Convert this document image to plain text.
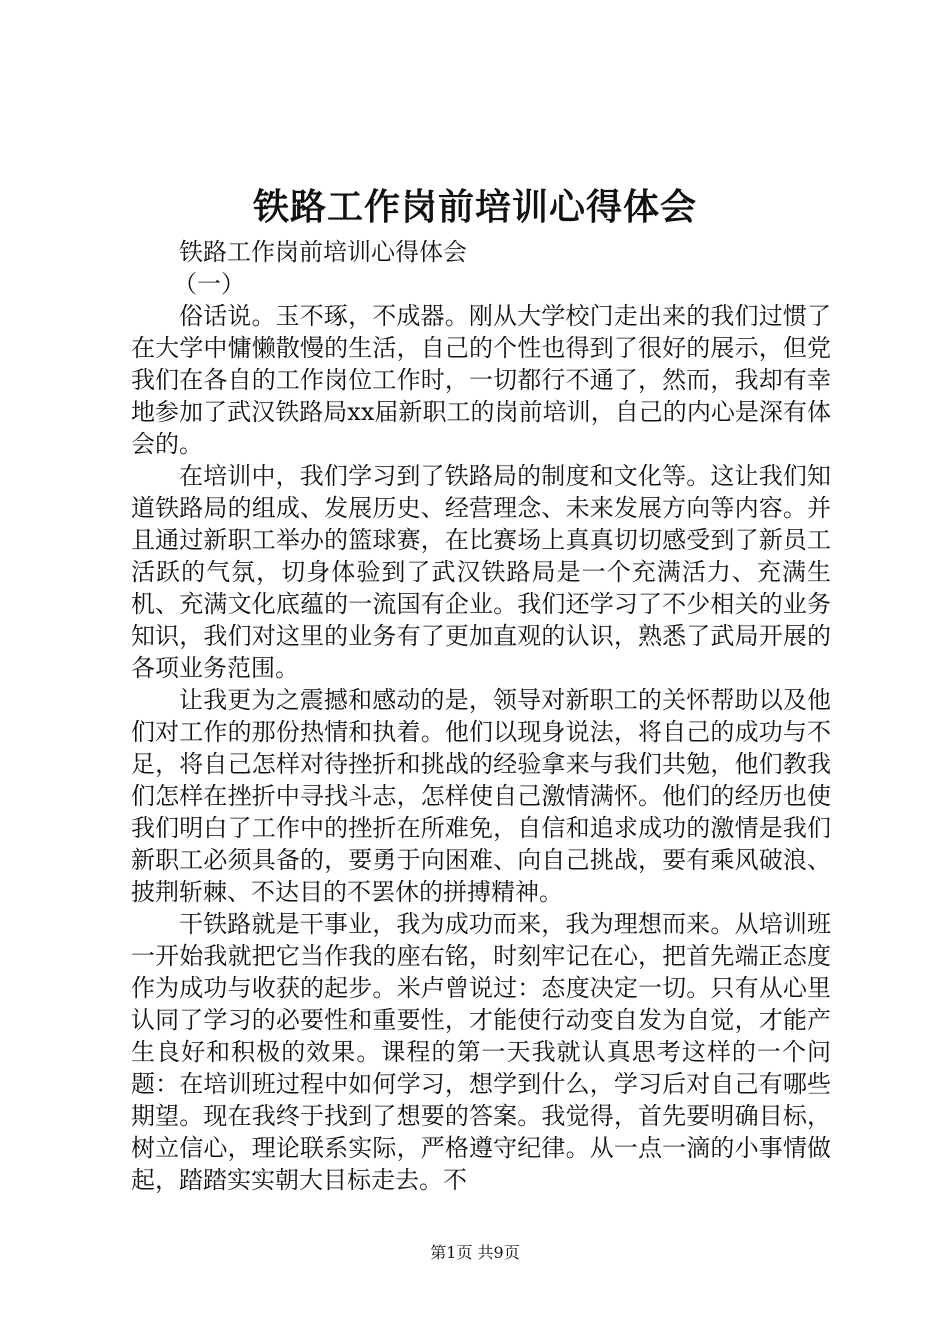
铁路工作岗前培训心得体会

铁路工作岗前培训心得体会

（一）

俗话说。玉不琢，不成器。刚从大学校门走出来的我们过惯了在大学中慵懒散慢的生活，自己的个性也得到了很好的展示，但党我们在各自的工作岗位工作时，一切都行不通了，然而，我却有幸地参加了武汉铁路局xx届新职工的岗前培训，自己的内心是深有体会的。

在培训中，我们学习到了铁路局的制度和文化等。这让我们知道铁路局的组成、发展历史、经营理念、未来发展方向等内容。并且通过新职工举办的篮球赛，在比赛场上真真切切感受到了新员工活跃的气氛，切身体验到了武汉铁路局是一个充满活力、充满生机、充满文化底蕴的一流国有企业。我们还学习了不少相关的业务知识，我们对这里的业务有了更加直观的认识，熟悉了武局开展的各项业务范围。

让我更为之震撼和感动的是，领导对新职工的关怀帮助以及他们对工作的那份热情和执着。他们以现身说法，将自己的成功与不足，将自己怎样对待挫折和挑战的经验拿来与我们共勉，他们教我们怎样在挫折中寻找斗志，怎样使自己激情满怀。他们的经历也使我们明白了工作中的挫折在所难免，自信和追求成功的激情是我们新职工必须具备的，要勇于向困难、向自己挑战，要有乘风破浪、披荆斩棘、不达目的不罢休的拼搏精神。

干铁路就是干事业，我为成功而来，我为理想而来。从培训班一开始我就把它当作我的座右铭，时刻牢记在心，把首先端正态度作为成功与收获的起步。米卢曾说过：态度决定一切。只有从心里认同了学习的必要性和重要性，才能使行动变自发为自觉，才能产生良好和积极的效果。课程的第一天我就认真思考这样的一个问题：在培训班过程中如何学习，想学到什么，学习后对自己有哪些期望。现在我终于找到了想要的答案。我觉得，首先要明确目标，树立信心，理论联系实际，严格遵守纪律。从一点一滴的小事情做起，踏踏实实朝大目标走去。不

第1页 共9页
